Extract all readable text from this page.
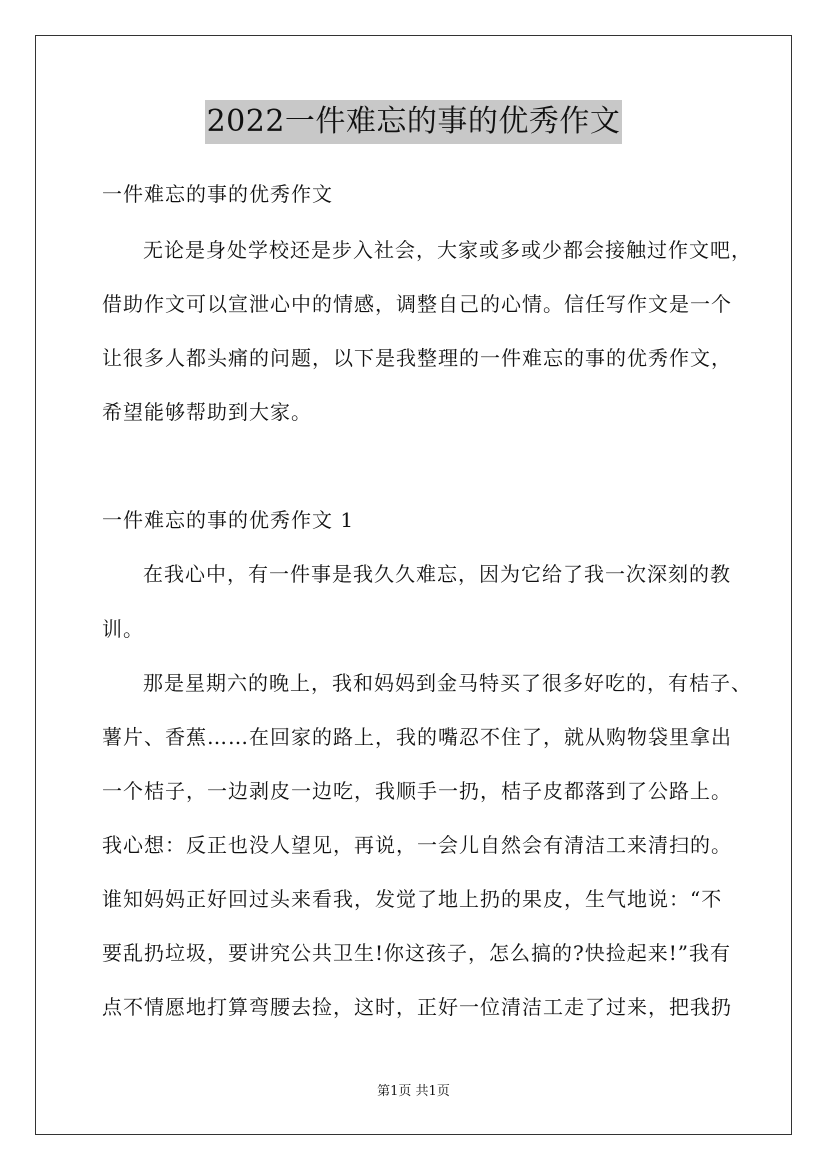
2022一件难忘的事的优秀作文
一件难忘的事的优秀作文
无论是身处学校还是步入社会，大家或多或少都会接触过作文吧，
借助作文可以宣泄心中的情感，调整自己的心情。信任写作文是一个
让很多人都头痛的问题，以下是我整理的一件难忘的事的优秀作文，
希望能够帮助到大家。
一件难忘的事的优秀作文 1
在我心中，有一件事是我久久难忘，因为它给了我一次深刻的教
训。
那是星期六的晚上，我和妈妈到金马特买了很多好吃的，有桔子、
薯片、香蕉……在回家的路上，我的嘴忍不住了，就从购物袋里拿出
一个桔子，一边剥皮一边吃，我顺手一扔，桔子皮都落到了公路上。
我心想：反正也没人望见，再说，一会儿自然会有清洁工来清扫的。
谁知妈妈正好回过头来看我，发觉了地上扔的果皮，生气地说：“不
要乱扔垃圾，要讲究公共卫生!你这孩子，怎么搞的?快捡起来!”我有
点不情愿地打算弯腰去捡，这时，正好一位清洁工走了过来，把我扔
第1页 共1页
